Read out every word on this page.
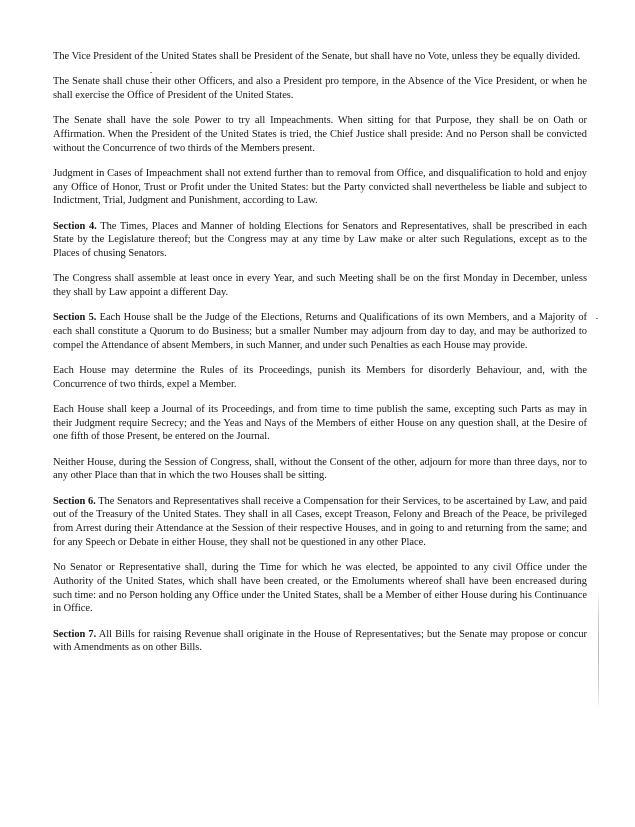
The Vice President of the United States shall be President of the Senate, but shall have no Vote, unless they be equally divided.

The Senate shall chuse their other Officers, and also a President pro tempore, in the Absence of the Vice President, or when he shall exercise the Office of President of the United States.

The Senate shall have the sole Power to try all Impeachments. When sitting for that Purpose, they shall be on Oath or Affirmation. When the President of the United States is tried, the Chief Justice shall preside: And no Person shall be convicted without the Concurrence of two thirds of the Members present.

Judgment in Cases of Impeachment shall not extend further than to removal from Office, and disqualification to hold and enjoy any Office of Honor, Trust or Profit under the United States: but the Party convicted shall nevertheless be liable and subject to Indictment, Trial, Judgment and Punishment, according to Law.

Section 4. The Times, Places and Manner of holding Elections for Senators and Representatives, shall be prescribed in each State by the Legislature thereof; but the Congress may at any time by Law make or alter such Regulations, except as to the Places of chusing Senators.

The Congress shall assemble at least once in every Year, and such Meeting shall be on the first Monday in December, unless they shall by Law appoint a different Day.

Section 5. Each House shall be the Judge of the Elections, Returns and Qualifications of its own Members, and a Majority of each shall constitute a Quorum to do Business; but a smaller Number may adjourn from day to day, and may be authorized to compel the Attendance of absent Members, in such Manner, and under such Penalties as each House may provide.

Each House may determine the Rules of its Proceedings, punish its Members for disorderly Behaviour, and, with the Concurrence of two thirds, expel a Member.

Each House shall keep a Journal of its Proceedings, and from time to time publish the same, excepting such Parts as may in their Judgment require Secrecy; and the Yeas and Nays of the Members of either House on any question shall, at the Desire of one fifth of those Present, be entered on the Journal.

Neither House, during the Session of Congress, shall, without the Consent of the other, adjourn for more than three days, nor to any other Place than that in which the two Houses shall be sitting.

Section 6. The Senators and Representatives shall receive a Compensation for their Services, to be ascertained by Law, and paid out of the Treasury of the United States. They shall in all Cases, except Treason, Felony and Breach of the Peace, be privileged from Arrest during their Attendance at the Session of their respective Houses, and in going to and returning from the same; and for any Speech or Debate in either House, they shall not be questioned in any other Place.

No Senator or Representative shall, during the Time for which he was elected, be appointed to any civil Office under the Authority of the United States, which shall have been created, or the Emoluments whereof shall have been encreased during such time: and no Person holding any Office under the United States, shall be a Member of either House during his Continuance in Office.

Section 7. All Bills for raising Revenue shall originate in the House of Representatives; but the Senate may propose or concur with Amendments as on other Bills.
